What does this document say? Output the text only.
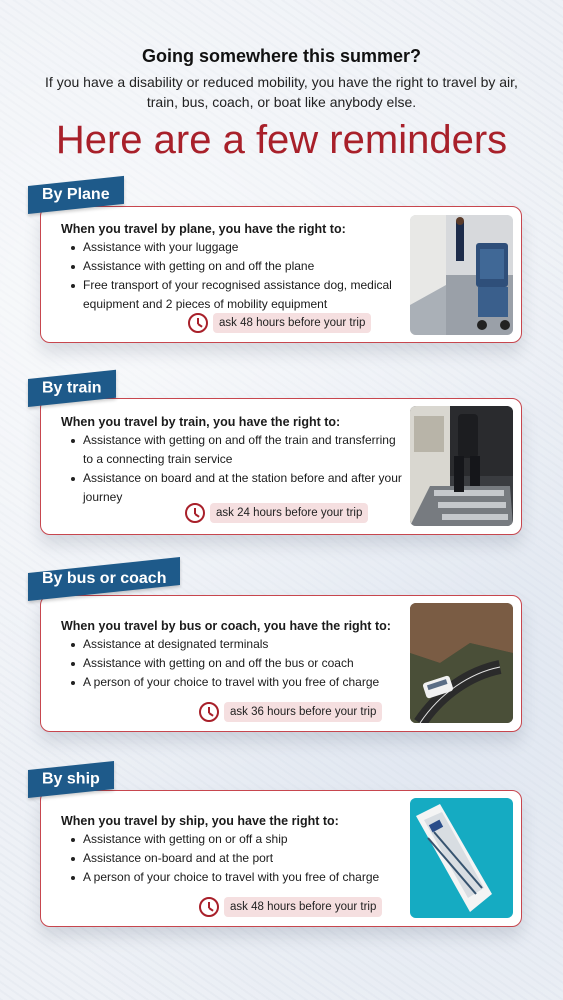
Going somewhere this summer?
If you have a disability or reduced mobility, you have the right to travel by air, train, bus, coach, or boat like anybody else.
Here are a few reminders
When you travel by plane, you have the right to:
Assistance with your luggage
Assistance with getting on and off the plane
Free transport of your recognised assistance dog, medical equipment and 2 pieces of mobility equipment
ask 48 hours before your trip
By Plane
When you travel by train, you have the right to:
Assistance with getting on and off the train and transferring to a connecting train service
Assistance on board and at the station before and after your journey
ask 24 hours before your trip
By train
When you travel by bus or coach, you have the right to:
Assistance at designated terminals
Assistance with getting on and off the bus or coach
A person of your choice to travel with you free of charge
ask 36 hours before your trip
By bus or coach
When you travel by ship, you have the right to:
Assistance with getting on or off a ship
Assistance on-board and at the port
A person of your choice to travel with you free of charge
ask 48 hours before your trip
By ship
